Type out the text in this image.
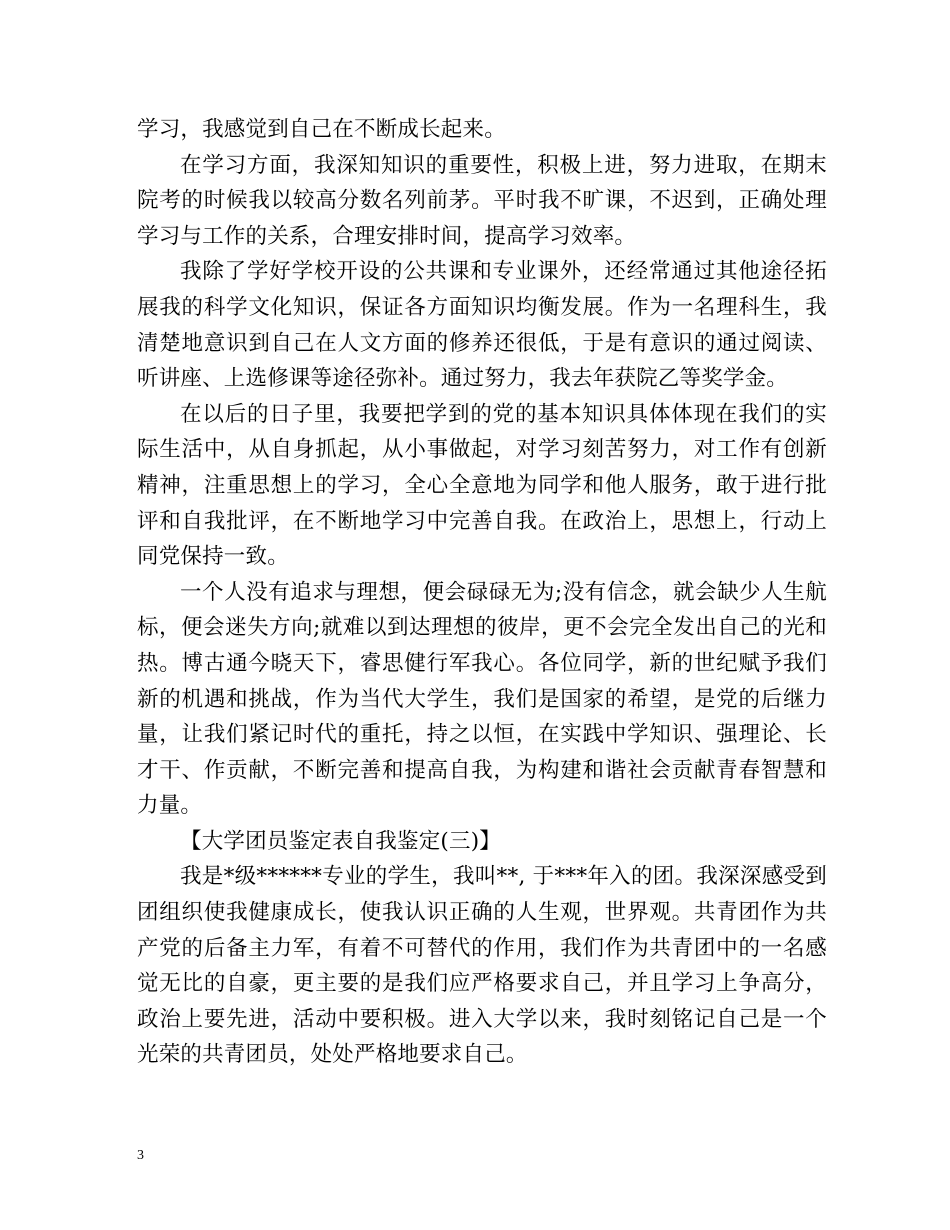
学习，我感觉到自己在不断成长起来。

在学习方面，我深知知识的重要性，积极上进，努力进取，在期末院考的时候我以较高分数名列前茅。平时我不旷课，不迟到，正确处理学习与工作的关系，合理安排时间，提高学习效率。

我除了学好学校开设的公共课和专业课外，还经常通过其他途径拓展我的科学文化知识，保证各方面知识均衡发展。作为一名理科生，我清楚地意识到自己在人文方面的修养还很低，于是有意识的通过阅读、听讲座、上选修课等途径弥补。通过努力，我去年获院乙等奖学金。

在以后的日子里，我要把学到的党的基本知识具体体现在我们的实际生活中，从自身抓起，从小事做起，对学习刻苦努力，对工作有创新精神，注重思想上的学习，全心全意地为同学和他人服务，敢于进行批评和自我批评，在不断地学习中完善自我。在政治上，思想上，行动上同党保持一致。

一个人没有追求与理想，便会碌碌无为;没有信念，就会缺少人生航标，便会迷失方向;就难以到达理想的彼岸，更不会完全发出自己的光和热。博古通今晓天下，睿思健行军我心。各位同学，新的世纪赋予我们新的机遇和挑战，作为当代大学生，我们是国家的希望，是党的后继力量，让我们紧记时代的重托，持之以恒，在实践中学知识、强理论、长才干、作贡献，不断完善和提高自我，为构建和谐社会贡献青春智慧和力量。

【大学团员鉴定表自我鉴定(三)】

我是*级******专业的学生，我叫**, 于***年入的团。我深深感受到团组织使我健康成长，使我认识正确的人生观，世界观。共青团作为共产党的后备主力军，有着不可替代的作用，我们作为共青团中的一名感觉无比的自豪，更主要的是我们应严格要求自己，并且学习上争高分，政治上要先进，活动中要积极。进入大学以来，我时刻铭记自己是一个光荣的共青团员，处处严格地要求自己。

3
